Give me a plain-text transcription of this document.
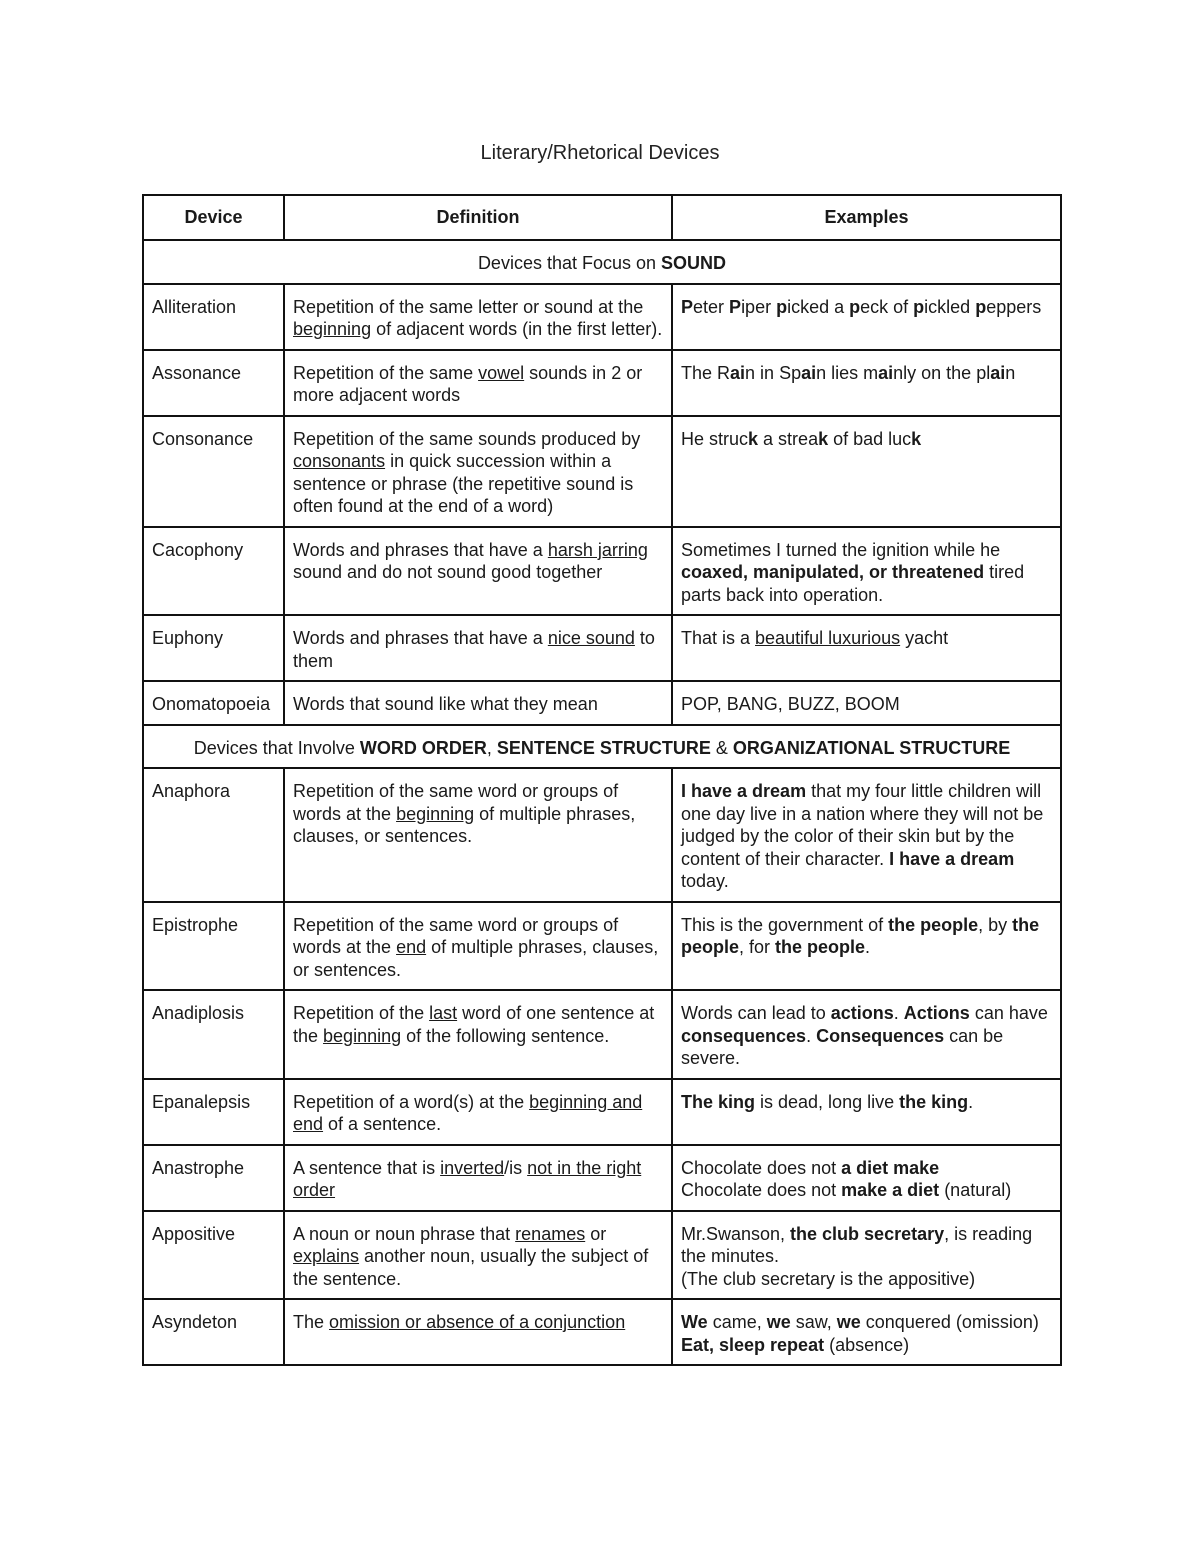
Literary/Rhetorical Devices
Device	Definition	Examples
Devices that Focus on SOUND		
Alliteration	Repetition of the same letter or sound at the beginning of adjacent words (in the first letter).	Peter Piper picked a peck of pickled peppers
Assonance	Repetition of the same vowel sounds in 2 or more adjacent words	The Rain in Spain lies mainly on the plain
Consonance	Repetition of the same sounds produced by consonants in quick succession within a sentence or phrase (the repetitive sound is often found at the end of a word)	He struck a streak of bad luck
Cacophony	Words and phrases that have a harsh jarring sound and do not sound good together	Sometimes I turned the ignition while he coaxed, manipulated, or threatened tired parts back into operation.
Euphony	Words and phrases that have a nice sound to them	That is a beautiful luxurious yacht
Onomatopoeia	Words that sound like what they mean	POP, BANG, BUZZ, BOOM
Devices that Involve WORD ORDER, SENTENCE STRUCTURE & ORGANIZATIONAL STRUCTURE		
Anaphora	Repetition of the same word or groups of words at the beginning of multiple phrases, clauses, or sentences.	I have a dream that my four little children will one day live in a nation where they will not be judged by the color of their skin but by the content of their character. I have a dream today.
Epistrophe	Repetition of the same word or groups of words at the end of multiple phrases, clauses, or sentences.	This is the government of the people, by the people, for the people.
Anadiplosis	Repetition of the last word of one sentence at the beginning of the following sentence.	Words can lead to actions. Actions can have consequences. Consequences can be severe.
Epanalepsis	Repetition of a word(s) at the beginning and end of a sentence.	The king is dead, long live the king.
Anastrophe	A sentence that is inverted/is not in the right order	Chocolate does not a diet make
Chocolate does not make a diet (natural)
Appositive	A noun or noun phrase that renames or explains another noun, usually the subject of the sentence.	Mr.Swanson, the club secretary, is reading the minutes.
(The club secretary is the appositive)
Asyndeton	The omission or absence of a conjunction	We came, we saw, we conquered (omission)
Eat, sleep repeat (absence)
